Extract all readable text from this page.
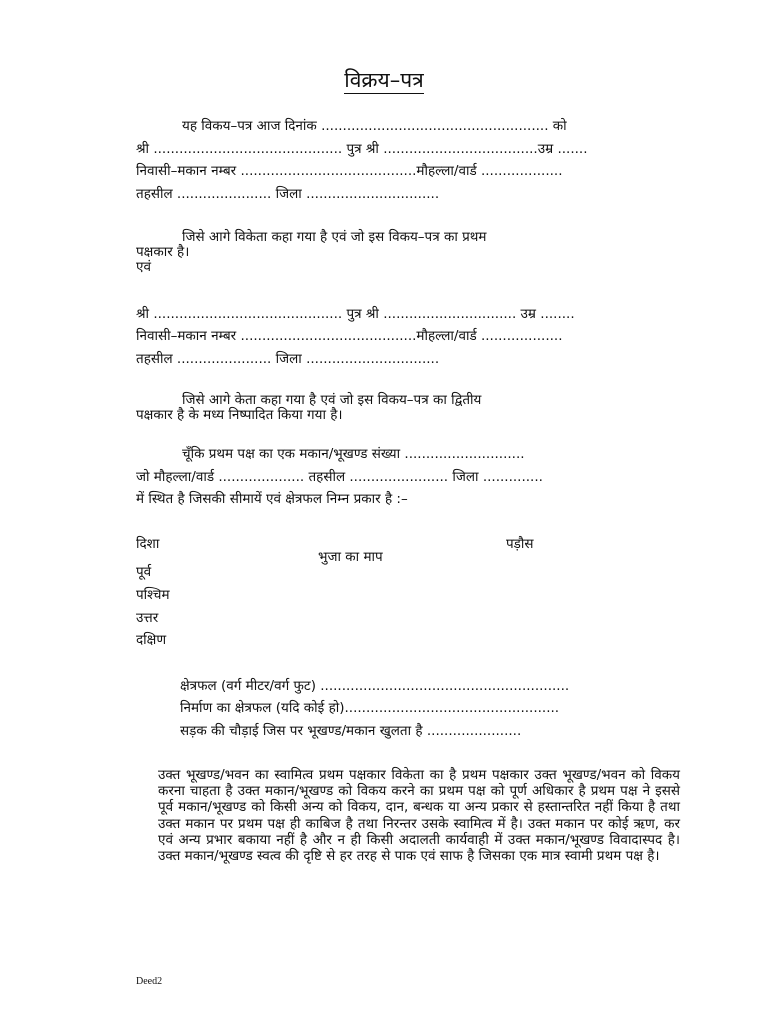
विक्रय–पत्र
यह विकय–पत्र आज दिनांक ..................................................... को
श्री ............................................ पुत्र श्री ....................................उम्र .......
निवासी–मकान नम्बर .........................................मौहल्ला/वार्ड ...................
तहसील ...................... जिला ...............................
जिसे आगे विकेता कहा गया है एवं जो इस विकय–पत्र का प्रथम
पक्षकार है।
एवं
श्री ............................................ पुत्र श्री ............................... उम्र ........
निवासी–मकान नम्बर .........................................मौहल्ला/वार्ड ...................
तहसील ...................... जिला ...............................
जिसे आगे केता कहा गया है एवं जो इस विकय–पत्र का द्वितीय
पक्षकार है के मध्य निष्पादित किया गया है।
चूँकि प्रथम पक्ष का एक मकान/भूखण्ड संख्या ............................
जो मौहल्ला/वार्ड .................... तहसील ....................... जिला ..............
में स्थित है जिसकी सीमायें एवं क्षेत्रफल निम्न प्रकार है :–
दिशा
भुजा का माप
पड़ौस
पूर्व
पश्चिम
उत्तर
दक्षिण
क्षेत्रफल (वर्ग मीटर/वर्ग फुट) ..........................................................
निर्माण का क्षेत्रफल (यदि कोई हो)..................................................
सड़क की चौड़ाई जिस पर भूखण्ड/मकान खुलता है ......................
उक्त भूखण्ड/भवन का स्वामित्व प्रथम पक्षकार विकेता का है प्रथम पक्षकार उक्त भूखण्ड/भवन को विकय करना चाहता है उक्त मकान/भूखण्ड को विकय करने का प्रथम पक्ष को पूर्ण अधिकार है प्रथम पक्ष ने इससे पूर्व मकान/भूखण्ड को किसी अन्य को विकय, दान, बन्धक या अन्य प्रकार से हस्तान्तरित नहीं किया है तथा उक्त मकान पर प्रथम पक्ष ही काबिज है तथा निरन्तर उसके स्वामित्व में है। उक्त मकान पर कोई ऋण, कर एवं अन्य प्रभार बकाया नहीं है और न ही किसी अदालती कार्यवाही में उक्त मकान/भूखण्ड विवादास्पद है। उक्त मकान/भूखण्ड स्वत्व की दृष्टि से हर तरह से पाक एवं साफ है जिसका एक मात्र स्वामी प्रथम पक्ष है।
Deed2
